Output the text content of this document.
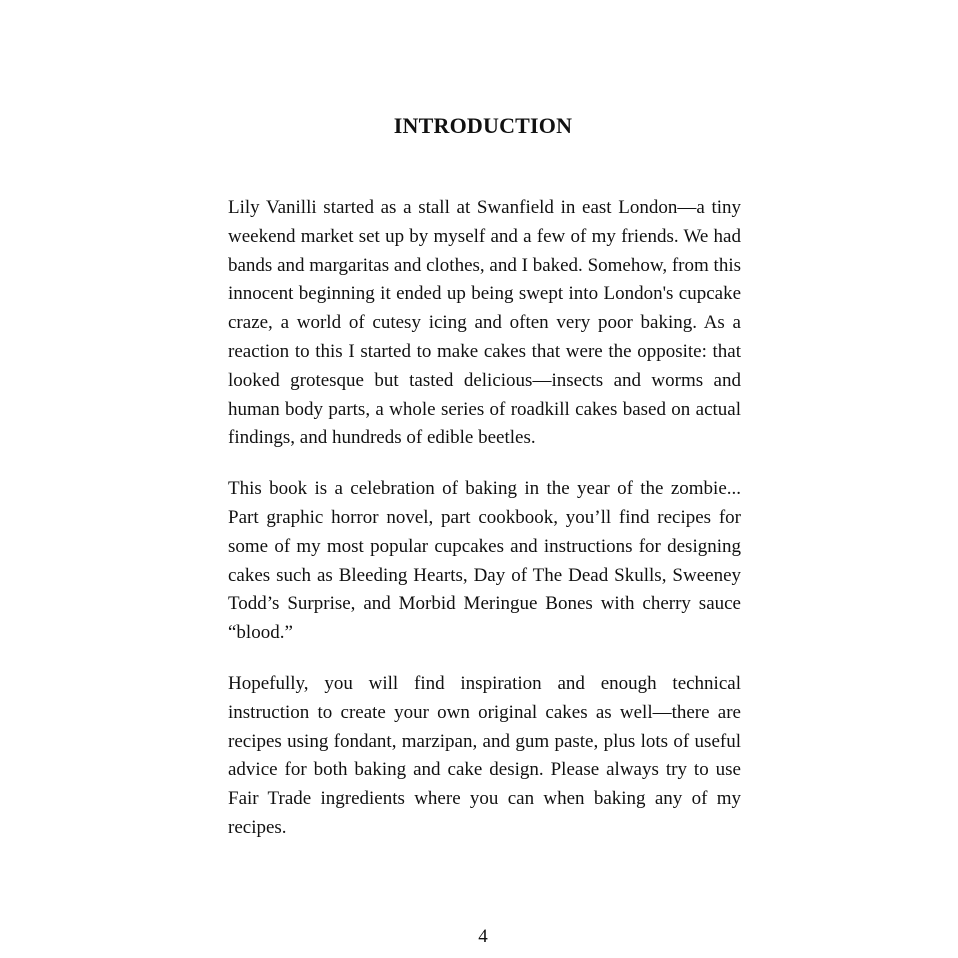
INTRODUCTION

Lily Vanilli started as a stall at Swanfield in east London—a tiny weekend market set up by myself and a few of my friends. We had bands and margaritas and clothes, and I baked. Somehow, from this innocent beginning it ended up being swept into London's cupcake craze, a world of cutesy icing and often very poor baking. As a reaction to this I started to make cakes that were the opposite: that looked grotesque but tasted delicious—insects and worms and human body parts, a whole series of roadkill cakes based on actual findings, and hundreds of edible beetles.

This book is a celebration of baking in the year of the zombie... Part graphic horror novel, part cookbook, you’ll find recipes for some of my most popular cupcakes and instructions for designing cakes such as Bleeding Hearts, Day of The Dead Skulls, Sweeney Todd’s Surprise, and Morbid Meringue Bones with cherry sauce “blood.”

Hopefully, you will find inspiration and enough technical instruction to create your own original cakes as well—there are recipes using fondant, marzipan, and gum paste, plus lots of useful advice for both baking and cake design. Please always try to use Fair Trade ingredients where you can when baking any of my recipes.

4
